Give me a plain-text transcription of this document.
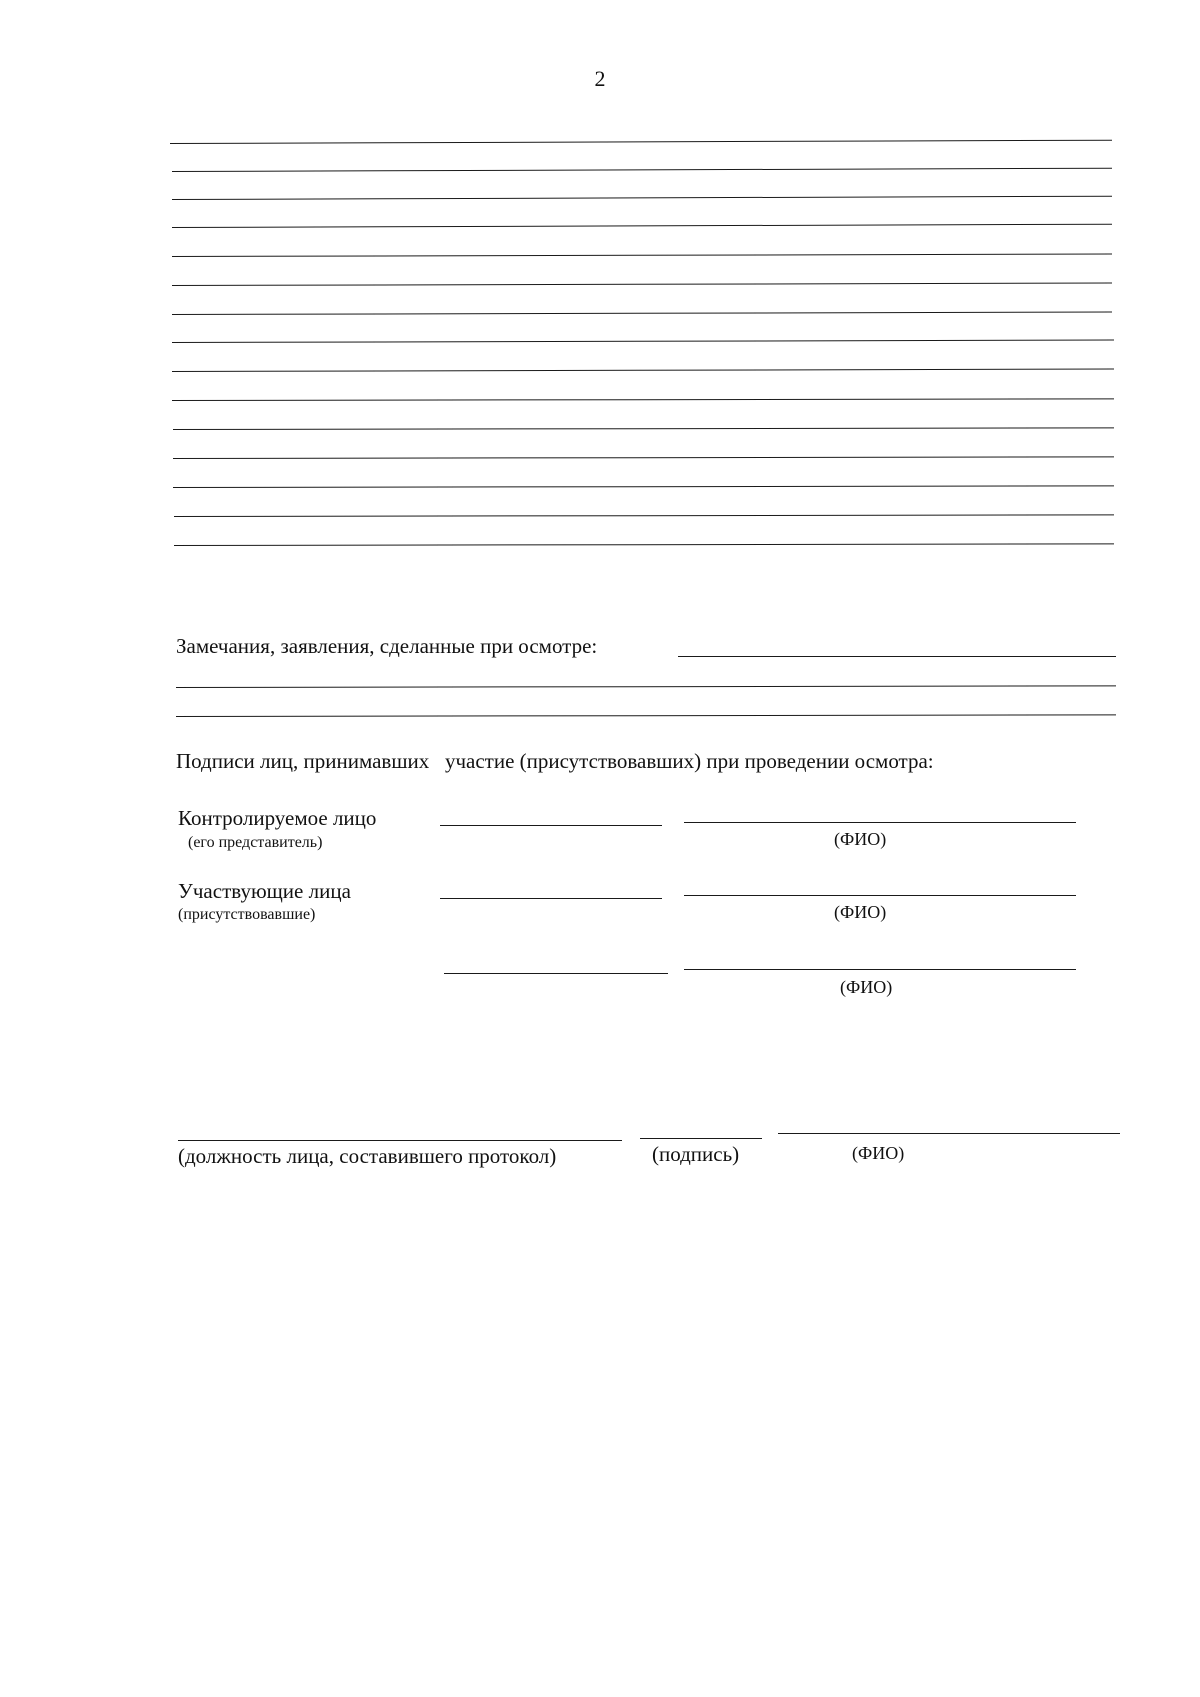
2
Замечания, заявления, сделанные при осмотре:
Подписи лиц, принимавших   участие (присутствовавших) при проведении осмотра:
Контролируемое лицо
(его представитель)	(ФИО)
Участвующие лица
(присутствовавшие)	(ФИО)
(ФИО)
(должность лица, составившего протокол)	(подпись)	(ФИО)
